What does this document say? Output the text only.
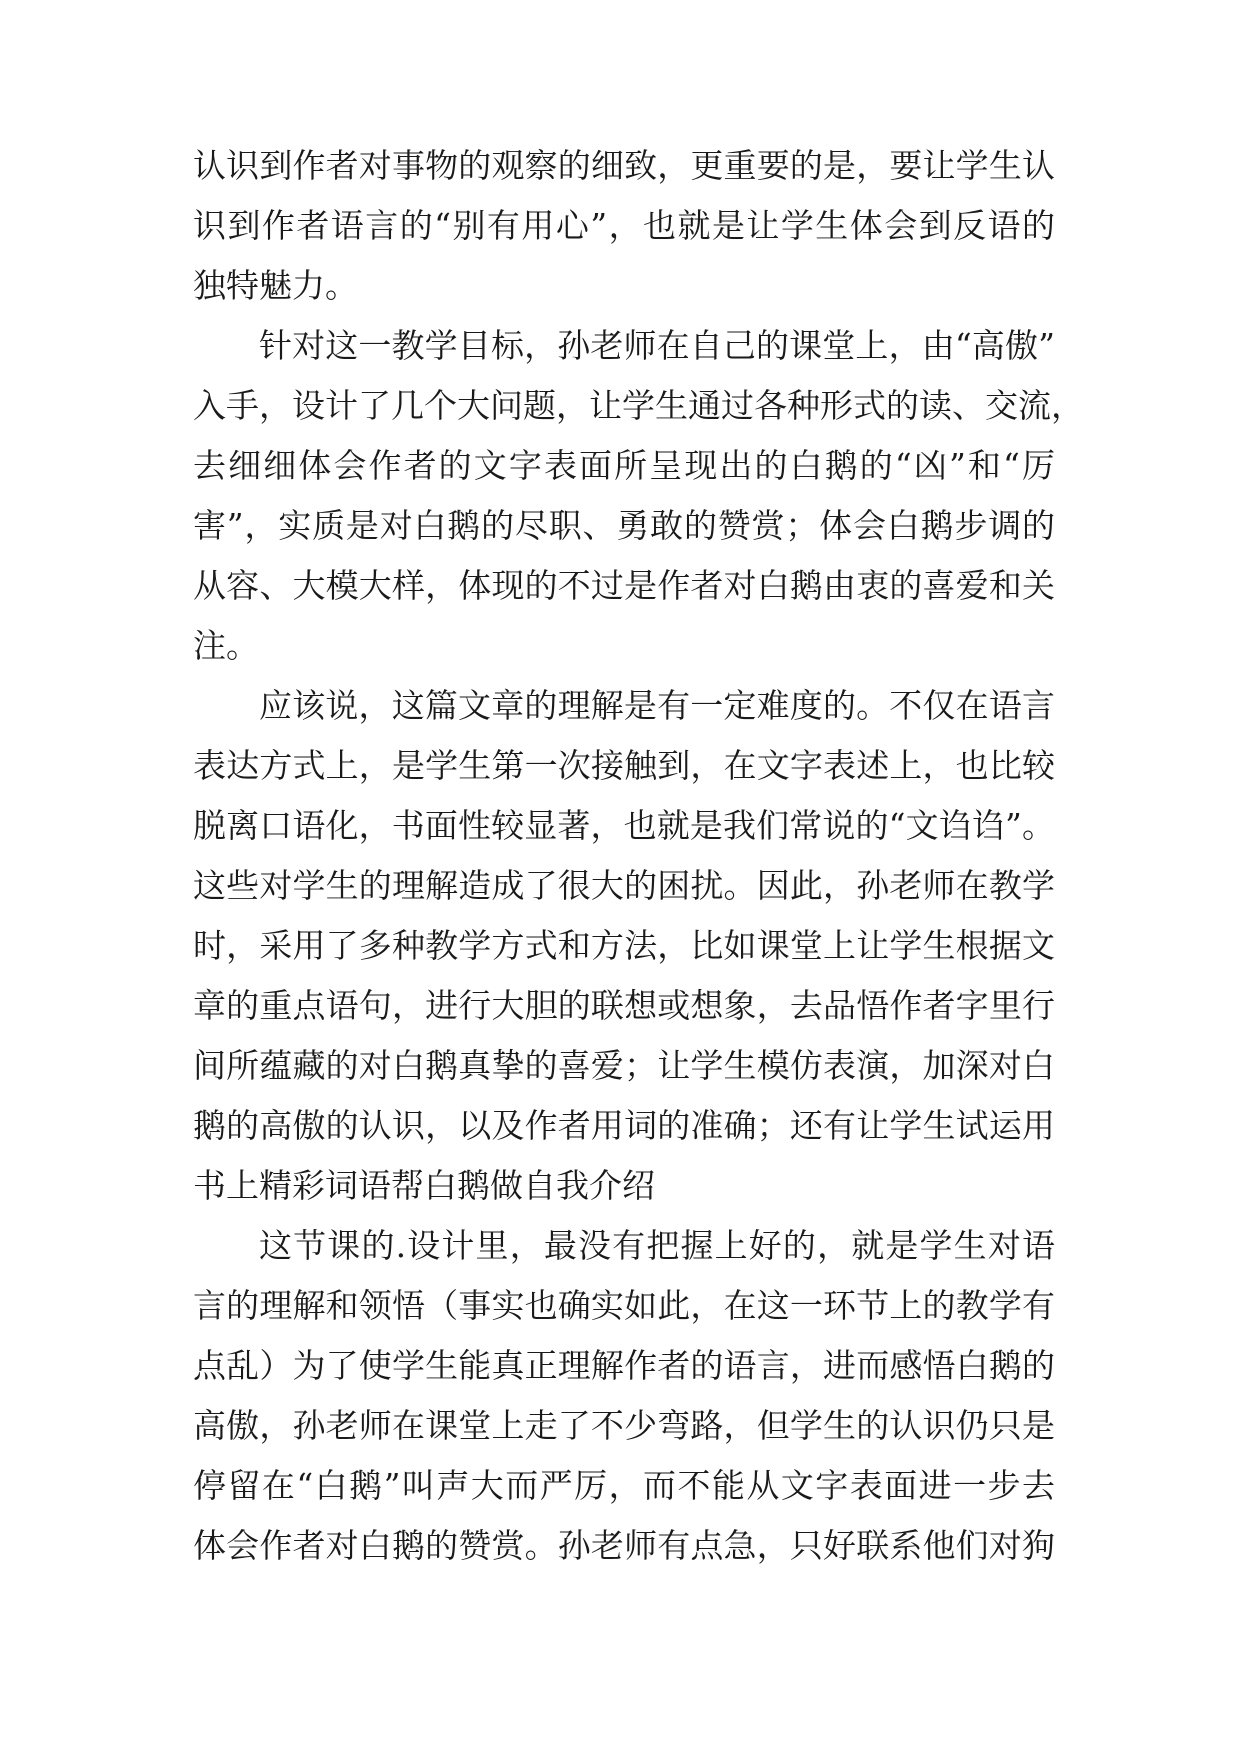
认识到作者对事物的观察的细致，更重要的是，要让学生认
识到作者语言的“别有用心”，也就是让学生体会到反语的
独特魅力。
针对这一教学目标，孙老师在自己的课堂上，由“高傲”
入手，设计了几个大问题，让学生通过各种形式的读、交流，
去细细体会作者的文字表面所呈现出的白鹅的“凶”和“厉
害”，实质是对白鹅的尽职、勇敢的赞赏；体会白鹅步调的
从容、大模大样，体现的不过是作者对白鹅由衷的喜爱和关
注。
应该说，这篇文章的理解是有一定难度的。不仅在语言
表达方式上，是学生第一次接触到，在文字表述上，也比较
脱离口语化，书面性较显著，也就是我们常说的“文诌诌”。
这些对学生的理解造成了很大的困扰。因此，孙老师在教学
时，采用了多种教学方式和方法，比如课堂上让学生根据文
章的重点语句，进行大胆的联想或想象，去品悟作者字里行
间所蕴藏的对白鹅真挚的喜爱；让学生模仿表演，加深对白
鹅的高傲的认识，以及作者用词的准确；还有让学生试运用
书上精彩词语帮白鹅做自我介绍
这节课的.设计里，最没有把握上好的，就是学生对语
言的理解和领悟（事实也确实如此，在这一环节上的教学有
点乱）为了使学生能真正理解作者的语言，进而感悟白鹅的
高傲，孙老师在课堂上走了不少弯路，但学生的认识仍只是
停留在“白鹅”叫声大而严厉，而不能从文字表面进一步去
体会作者对白鹅的赞赏。孙老师有点急，只好联系他们对狗
